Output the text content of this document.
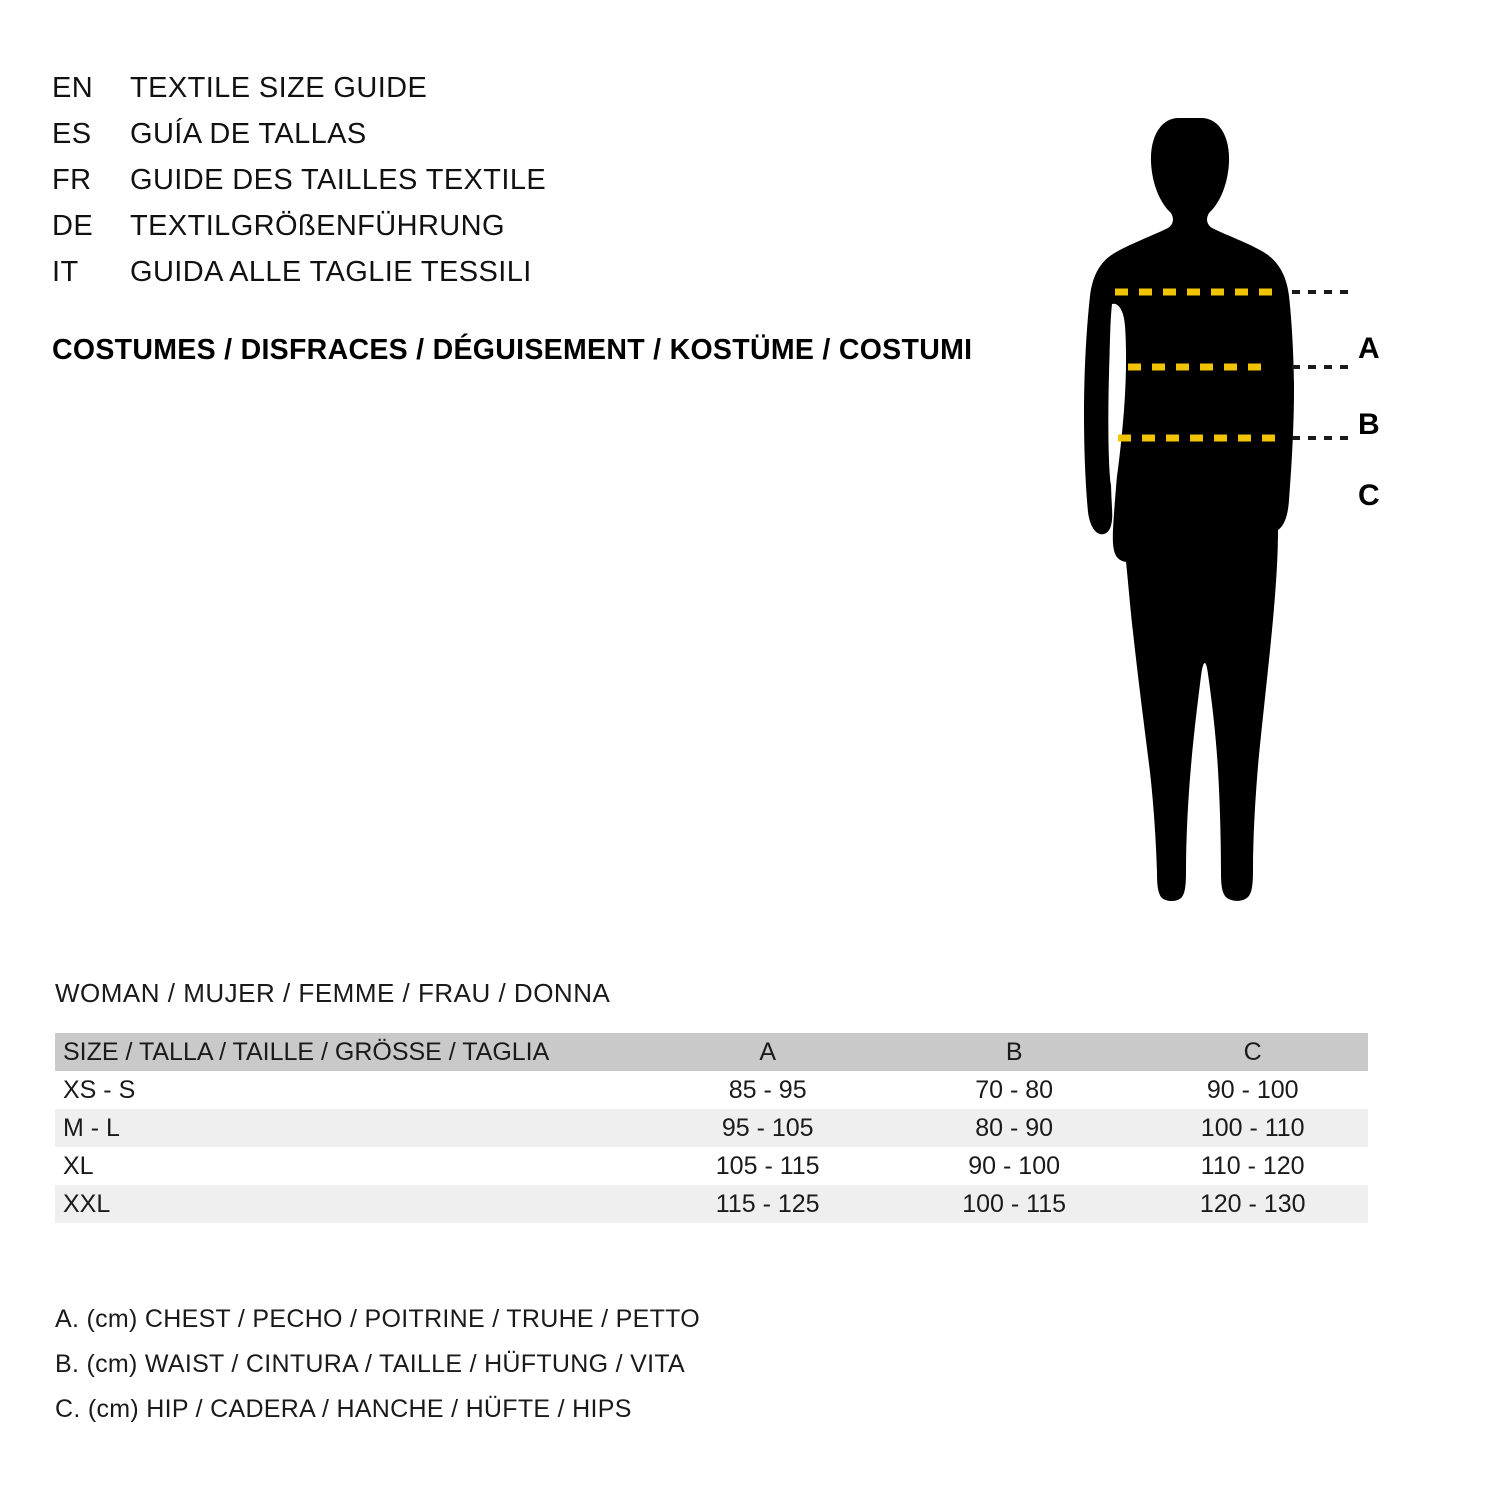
EN	TEXTILE SIZE GUIDE
ES	GUÍA DE TALLAS
FR	GUIDE DES TAILLES TEXTILE
DE	TEXTILGRÖßENFÜHRUNG
IT	GUIDA ALLE TAGLIE TESSILI
COSTUMES / DISFRACES / DÉGUISEMENT / KOSTÜME / COSTUMI	A
B
C
WOMAN / MUJER / FEMME / FRAU / DONNA
SIZE / TALLA / TAILLE / GRÖSSE / TAGLIA	A	B	C
XS - S	85 - 95	70 - 80	90 - 100
M - L	95 - 105	80 - 90	100 - 110
XL	105 - 115	90 - 100	110 - 120
XXL	115 - 125	100 - 115	120 - 130
A. (cm) CHEST / PECHO / POITRINE / TRUHE / PETTO
B. (cm) WAIST / CINTURA / TAILLE / HÜFTUNG / VITA
C. (cm) HIP / CADERA / HANCHE / HÜFTE / HIPS
